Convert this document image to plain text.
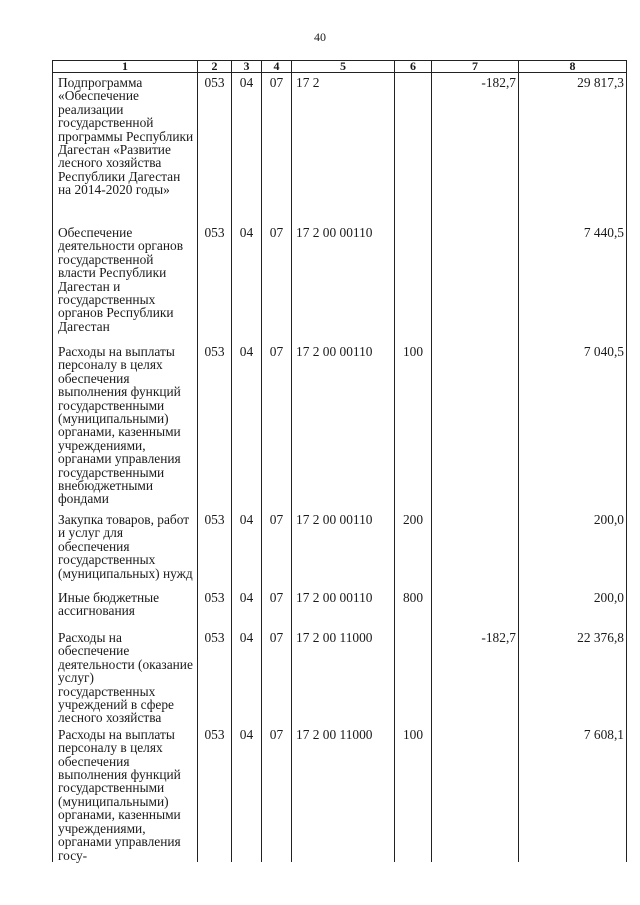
40
1	2	3	4	5	6	7	8
Подпрограмма «Обеспечение реализации государственной программы Республики Дагестан «Развитие лесного хозяйства Республики Дагестан на 2014-2020 годы»	053	04	07	17 2		-182,7	29 817,3
Обеспечение деятельности органов государственной власти Республики Дагестан и государственных органов Республики Дагестан	053	04	07	17 2 00 00110			7 440,5
Расходы на выплаты персоналу в целях обеспечения выполнения функций государственными (муниципальными) органами, казенными учреждениями, органами управления государственными внебюджетными фондами	053	04	07	17 2 00 00110	100		7 040,5
Закупка товаров, работ и услуг для обеспечения государственных (муниципальных) нужд	053	04	07	17 2 00 00110	200		200,0
Иные бюджетные ассигнования	053	04	07	17 2 00 00110	800		200,0
Расходы на обеспечение деятельности (оказание услуг) государственных учреждений в сфере лесного хозяйства	053	04	07	17 2 00 11000		-182,7	22 376,8
Расходы на выплаты персоналу в целях обеспечения выполнения функций государственными (муниципальными) органами, казенными учреждениями, органами управления госу-	053	04	07	17 2 00 11000	100		7 608,1
